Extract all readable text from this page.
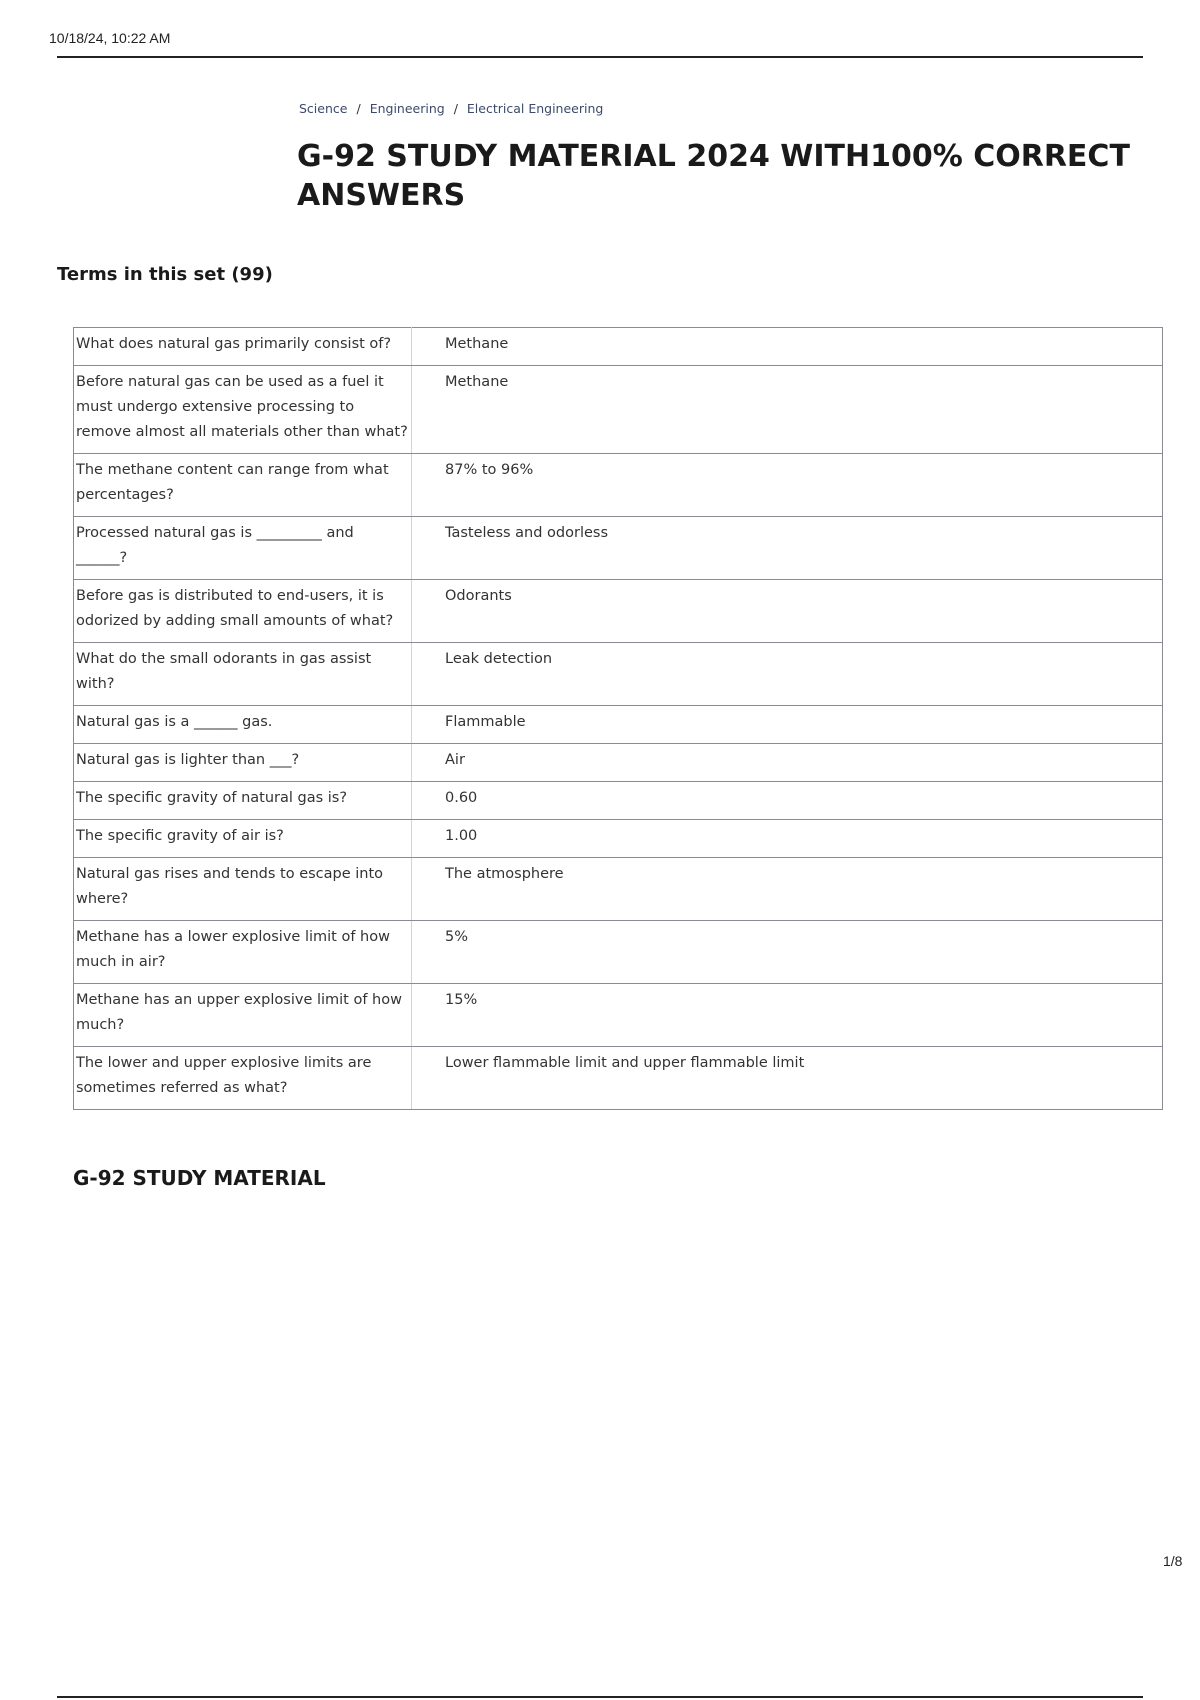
10/18/24, 10:22 AM
Science / Engineering / Electrical Engineering
G-92 STUDY MATERIAL 2024 WITH100% CORRECT ANSWERS
Terms in this set (99)
What does natural gas primarily consist of?	Methane
Before natural gas can be used as a fuel it must undergo extensive processing to remove almost all materials other than what?	Methane
The methane content can range from what percentages?	87% to 96%
Processed natural gas is _________ and ______?	Tasteless and odorless
Before gas is distributed to end-users, it is odorized by adding small amounts of what?	Odorants
What do the small odorants in gas assist with?	Leak detection
Natural gas is a ______ gas.	Flammable
Natural gas is lighter than ___?	Air
The specific gravity of natural gas is?	0.60
The specific gravity of air is?	1.00
Natural gas rises and tends to escape into where?	The atmosphere
Methane has a lower explosive limit of how much in air?	5%
Methane has an upper explosive limit of how much?	15%
The lower and upper explosive limits are sometimes referred as what?	Lower flammable limit and upper flammable limit
G-92 STUDY MATERIAL
1/8
